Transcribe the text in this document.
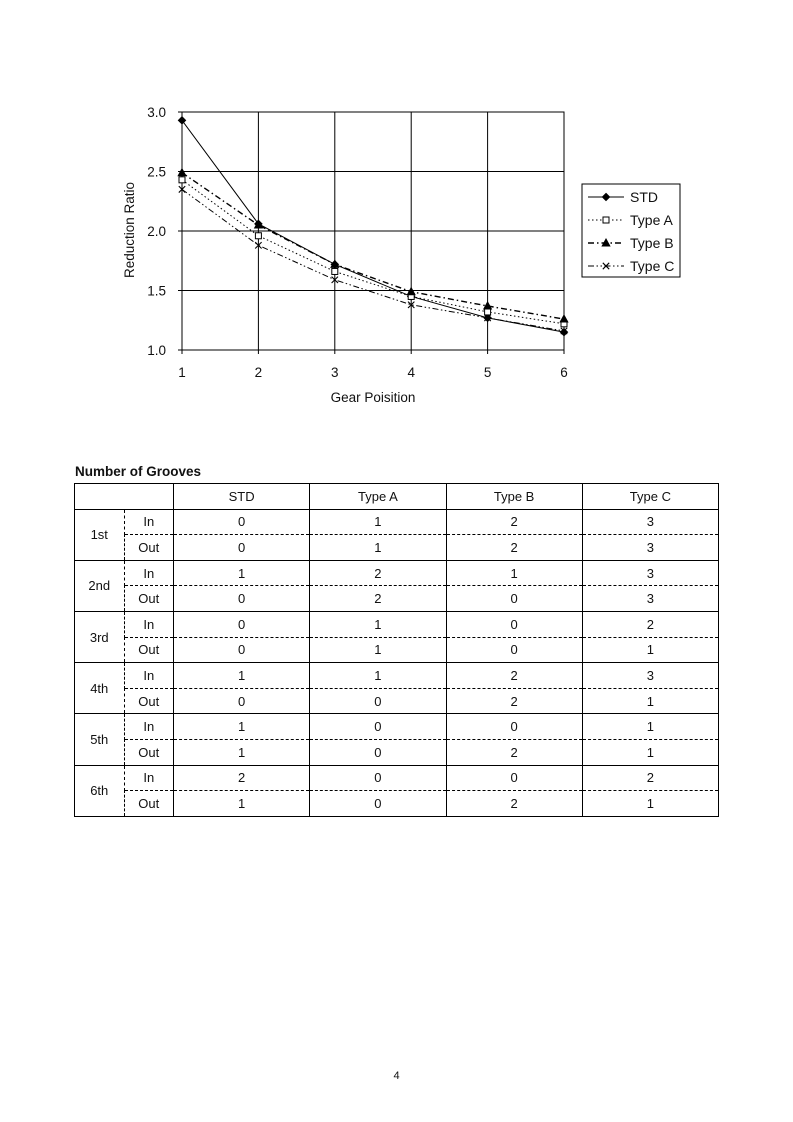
1.0
1.5
2.0
2.5
3.0
1	2	3	4	5	6
Reduction Ratio
Gear Poisition
STD
Type A
Type B
Type C
Number of Grooves
		STD	Type A	Type B	Type C
1st	In	0	1	2	3
	Out	0	1	2	3
2nd	In	1	2	1	3
	Out	0	2	0	3
3rd	In	0	1	0	2
	Out	0	1	0	1
4th	In	1	1	2	3
	Out	0	0	2	1
5th	In	1	0	0	1
	Out	1	0	2	1
6th	In	2	0	0	2
	Out	1	0	2	1
4
